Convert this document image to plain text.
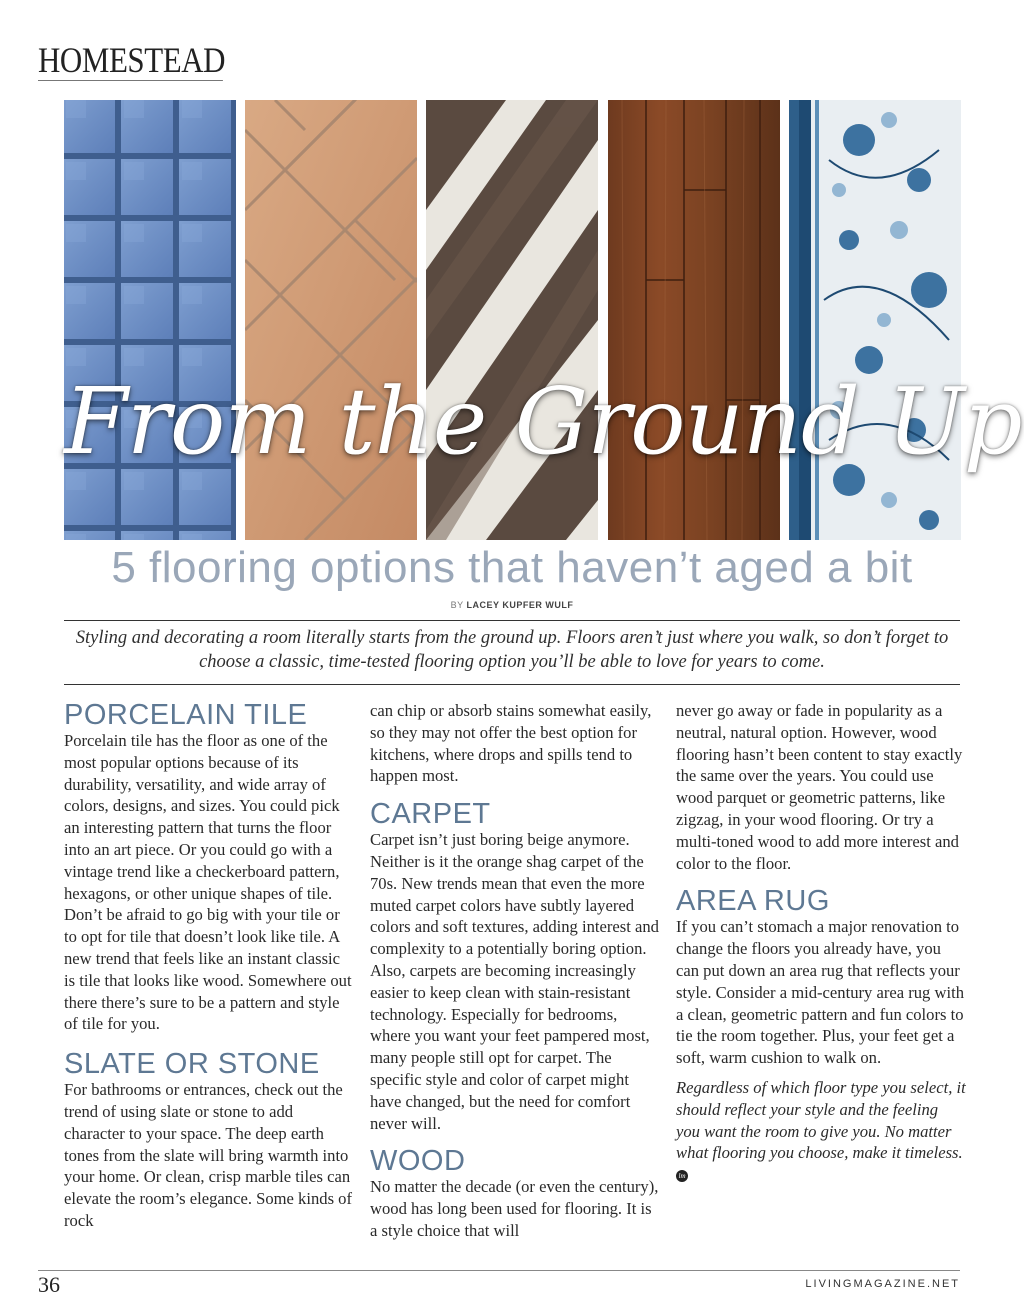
HOMESTEAD
From the Ground Up
5 flooring options that haven’t aged a bit
BY LACEY KUPFER WULF
Styling and decorating a room literally starts from the ground up. Floors aren’t just where you walk, so don’t forget to choose a classic, time-tested flooring option you’ll be able to love for years to come.
PORCELAIN TILE

Porcelain tile has the floor as one of the most popular options because of its durability, versatility, and wide array of colors, designs, and sizes. You could pick an interesting pattern that turns the floor into an art piece. Or you could go with a vintage trend like a checkerboard pattern, hexagons, or other unique shapes of tile. Don’t be afraid to go big with your tile or to opt for tile that doesn’t look like tile. A new trend that feels like an instant classic is tile that looks like wood. Somewhere out there there’s sure to be a pattern and style of tile for you.

SLATE OR STONE

For bathrooms or entrances, check out the trend of using slate or stone to add character to your space. The deep earth tones from the slate will bring warmth into your home. Or clean, crisp marble tiles can elevate the room’s elegance. Some kinds of rock

can chip or absorb stains somewhat easily, so they may not offer the best option for kitchens, where drops and spills tend to happen most.

CARPET

Carpet isn’t just boring beige anymore. Neither is it the orange shag carpet of the 70s. New trends mean that even the more muted carpet colors have subtly layered colors and soft textures, adding interest and complexity to a potentially boring option. Also, carpets are becoming increasingly easier to keep clean with stain-resistant technology. Especially for bedrooms, where you want your feet pampered most, many people still opt for carpet. The specific style and color of carpet might have changed, but the need for comfort never will.

WOOD

No matter the decade (or even the century), wood has long been used for flooring. It is a style choice that will

never go away or fade in popularity as a neutral, natural option. However, wood flooring hasn’t been content to stay exactly the same over the years. You could use wood parquet or geometric patterns, like zigzag, in your wood flooring. Or try a multi-toned wood to add more interest and color to the floor.

AREA RUG

If you can’t stomach a major renovation to change the floors you already have, you can put down an area rug that reflects your style. Consider a mid-century area rug with a clean, geometric pattern and fun colors to tie the room together. Plus, your feet get a soft, warm cushion to walk on.

Regardless of which floor type you select, it should reflect your style and the feeling you want the room to give you. No matter what flooring you choose, make it timeless. lm

36	LIVINGMAGAZINE.NET
